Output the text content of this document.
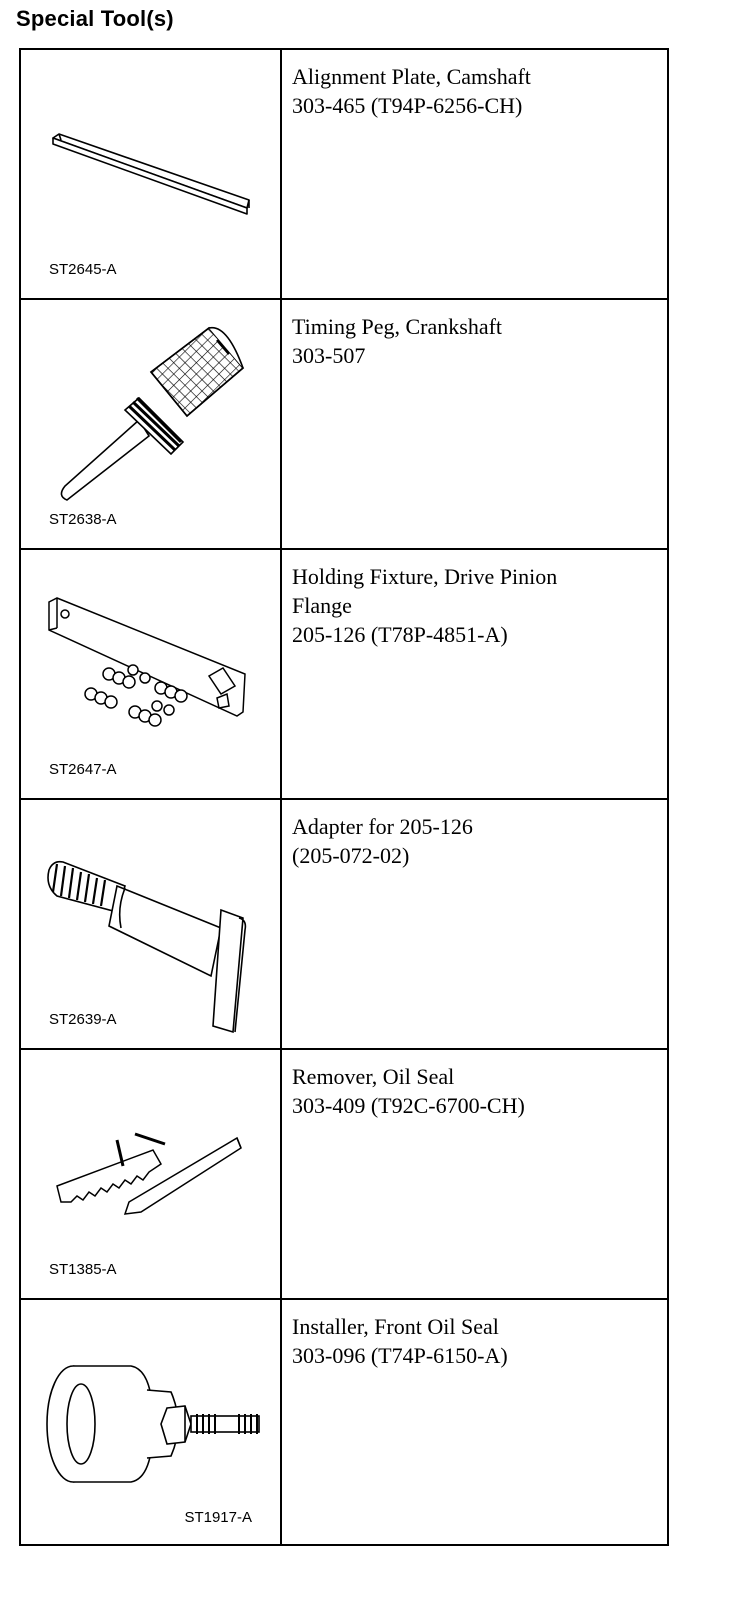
Special Tool(s)
ST2645-A
Alignment Plate, Camshaft
303-465 (T94P-6256-CH)
ST2638-A
Timing Peg, Crankshaft
303-507
ST2647-A
Holding Fixture, Drive Pinion
Flange
205-126 (T78P-4851-A)
ST2639-A
Adapter for 205-126
(205-072-02)
ST1385-A
Remover, Oil Seal
303-409 (T92C-6700-CH)
ST1917-A
Installer, Front Oil Seal
303-096 (T74P-6150-A)
